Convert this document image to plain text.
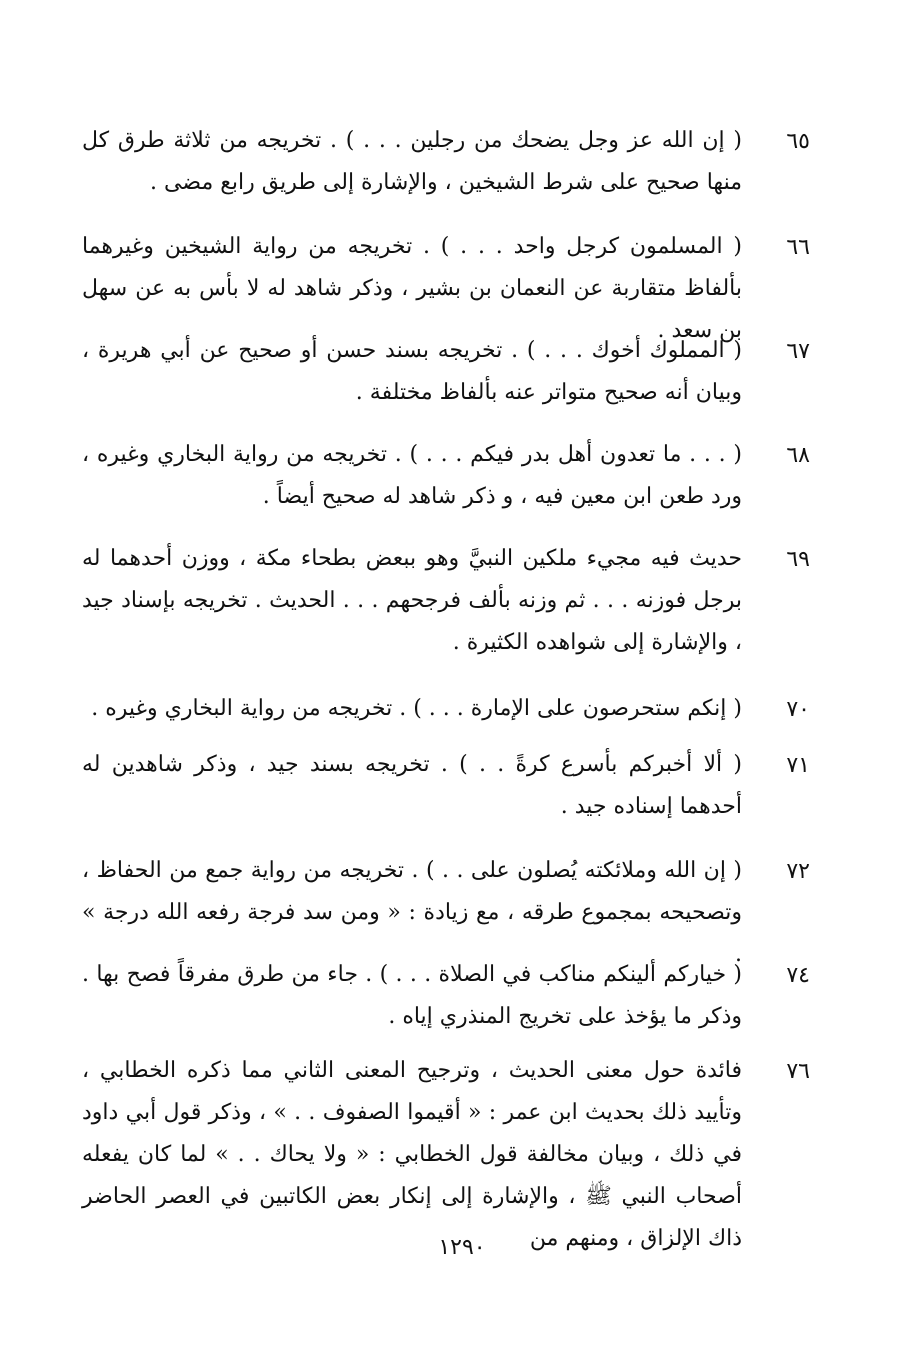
٦٥
( إن الله عز وجل يضحك من رجلين . . . ) . تخريجه من ثلاثة طرق كل منها صحيح على شرط الشيخين ، والإشارة إلى طريق رابع مضى .
٦٦
( المسلمون كرجل واحد . . . ) . تخريجه من رواية الشيخين وغيرهما بألفاظ متقاربة عن النعمان بن بشير ، وذكر شاهد له لا بأس به عن سهل بن سعد .
٦٧
( المملوك أخوك . . . ) . تخريجه بسند حسن أو صحيح عن أبي هريرة ، وبيان أنه صحيح متواتر عنه بألفاظ مختلفة .
٦٨
( . . . ما تعدون أهل بدر فيكم . . . ) . تخريجه من رواية البخاري وغيره ، ورد طعن ابن معين فيه ، و ذكر شاهد له صحيح أيضاً .
٦٩
حديث فيه مجيء ملكين النبيَّ وهو ببعض بطحاء مكة ، ووزن أحدهما له برجل فوزنه . . . ثم وزنه بألف فرجحهم . . . الحديث . تخريجه بإسناد جيد ، والإشارة إلى شواهده الكثيرة .
٧٠
( إنكم ستحرصون على الإمارة . . . ) . تخريجه من رواية البخاري وغيره .
٧١
( ألا أخبركم بأسرع كرةً . . ) . تخريجه بسند جيد ، وذكر شاهدين له أحدهما إسناده جيد .
٧٢
( إن الله وملائكته يُصلون على . . ) . تخريجه من رواية جمع من الحفاظ ، وتصحيحه بمجموع طرقه ، مع زيادة : « ومن سد فرجة رفعه الله درجة » .
٧٤
( خياركم ألينكم مناكب في الصلاة . . . ) . جاء من طرق مفرقاً فصح بها . وذكر ما يؤخذ على تخريج المنذري إياه .
٧٦
فائدة حول معنى الحديث ، وترجيح المعنى الثاني مما ذكره الخطابي ، وتأييد ذلك بحديث ابن عمر : « أقيموا الصفوف . . » ، وذكر قول أبي داود في ذلك ، وبيان مخالفة قول الخطابي : « ولا يحاك . . » لما كان يفعله أصحاب النبي ﷺ ، والإشارة إلى إنكار بعض الكاتبين في العصر الحاضر ذاك الإلزاق ، ومنهم من
١٢٩٠
